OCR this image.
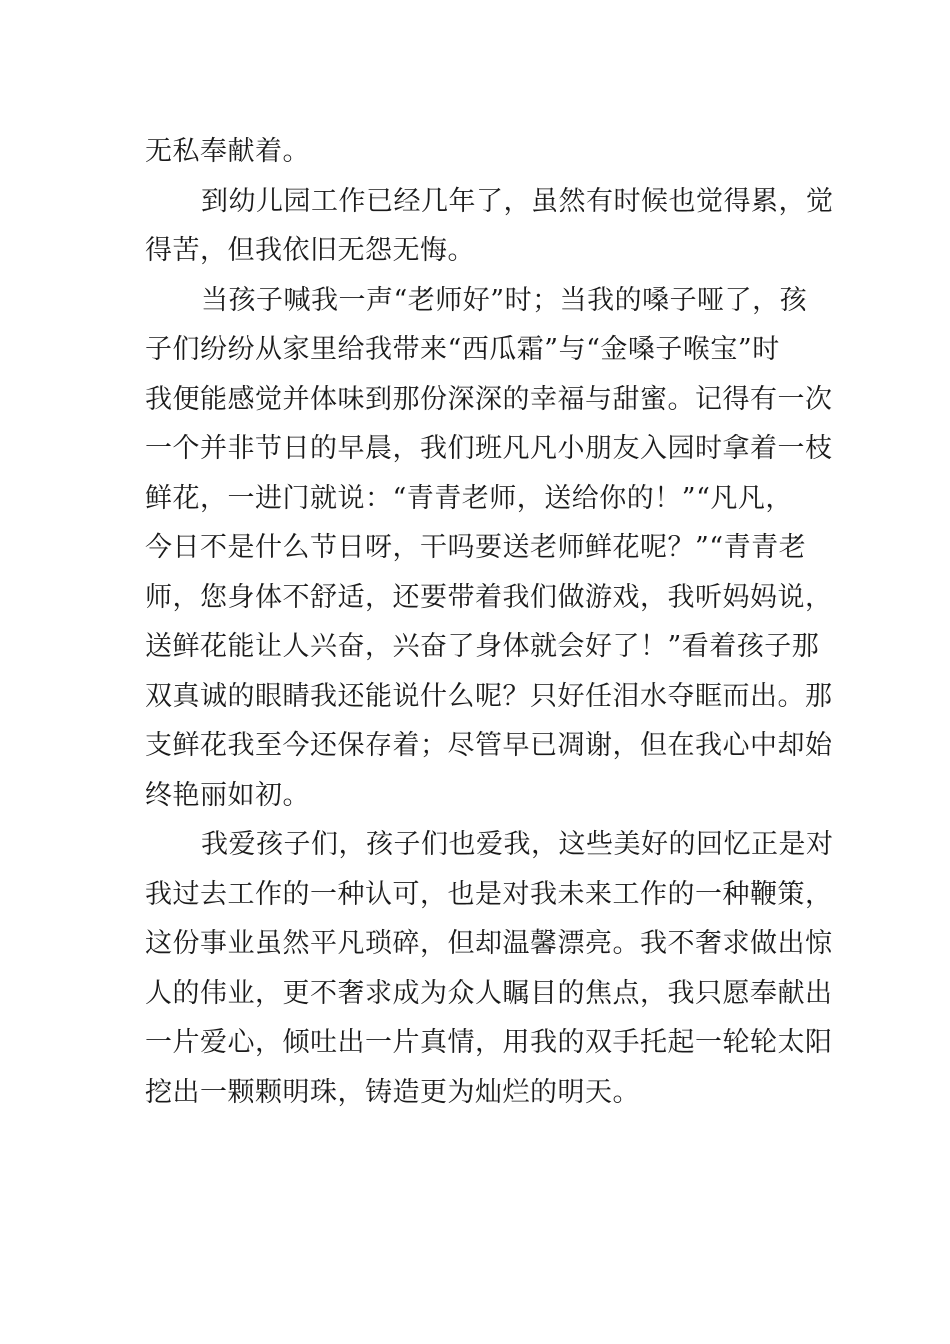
无私奉献着。
到幼儿园工作已经几年了，虽然有时候也觉得累，觉
得苦，但我依旧无怨无悔。
当孩子喊我一声“老师好”时；当我的嗓子哑了，孩
子们纷纷从家里给我带来“西瓜霜”与“金嗓子喉宝”时
我便能感觉并体味到那份深深的幸福与甜蜜。记得有一次
一个并非节日的早晨，我们班凡凡小朋友入园时拿着一枝
鲜花，一进门就说：“青青老师，送给你的！”“凡凡，
今日不是什么节日呀，干吗要送老师鲜花呢？”“青青老
师，您身体不舒适，还要带着我们做游戏，我听妈妈说，
送鲜花能让人兴奋，兴奋了身体就会好了！”看着孩子那
双真诚的眼睛我还能说什么呢？只好任泪水夺眶而出。那
支鲜花我至今还保存着；尽管早已凋谢，但在我心中却始
终艳丽如初。
我爱孩子们，孩子们也爱我，这些美好的回忆正是对
我过去工作的一种认可，也是对我未来工作的一种鞭策，
这份事业虽然平凡琐碎，但却温馨漂亮。我不奢求做出惊
人的伟业，更不奢求成为众人瞩目的焦点，我只愿奉献出
一片爱心，倾吐出一片真情，用我的双手托起一轮轮太阳
挖出一颗颗明珠，铸造更为灿烂的明天。
